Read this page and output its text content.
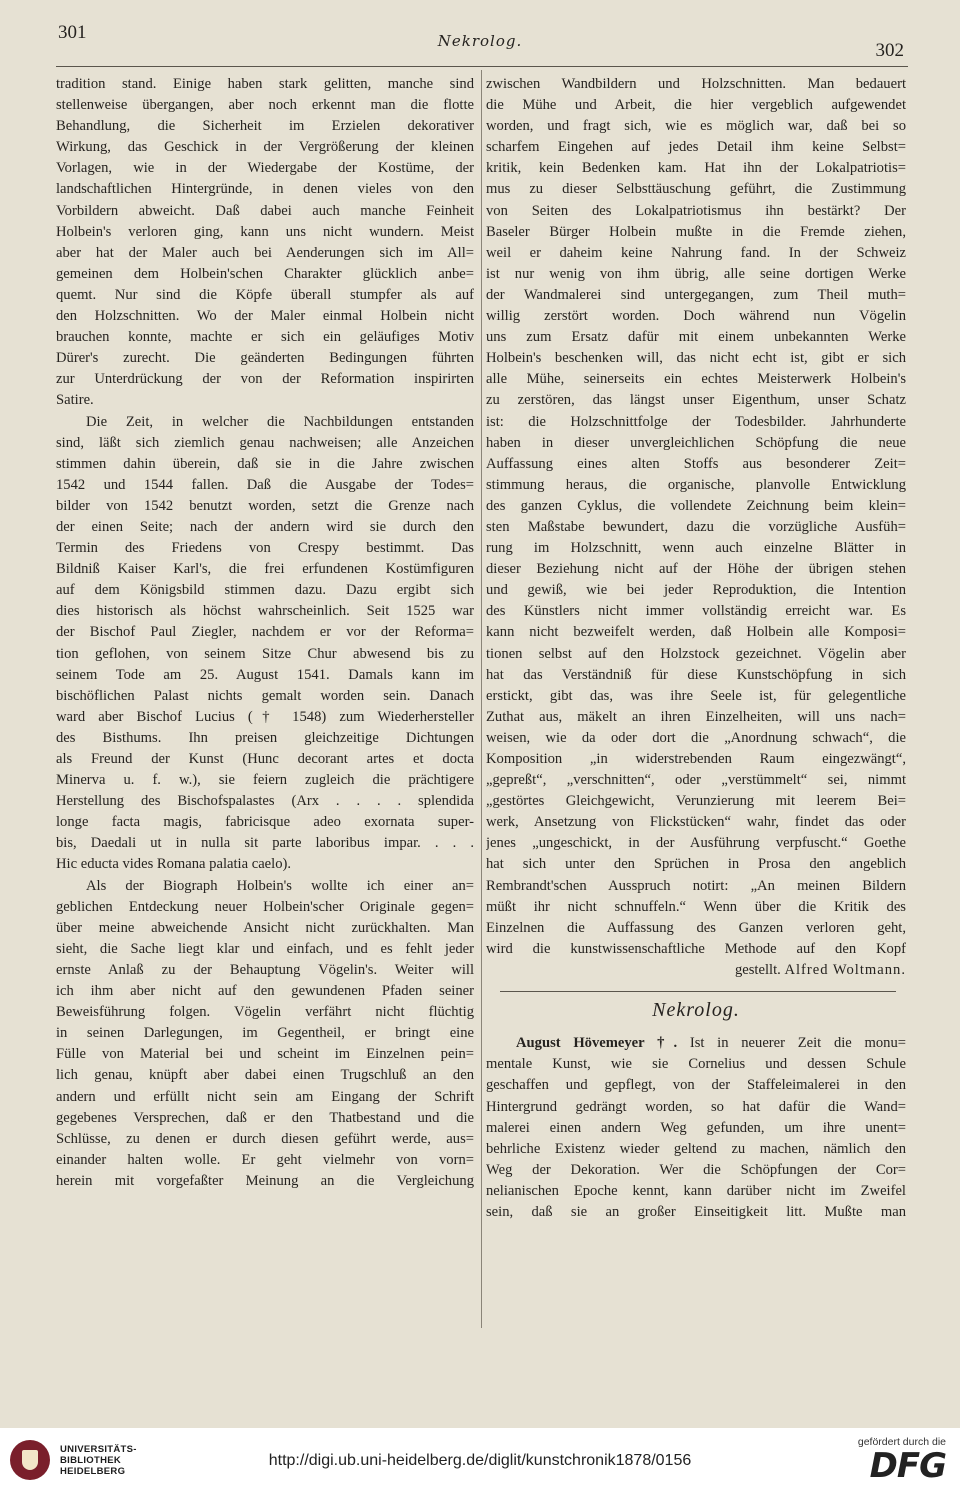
301	Nekrolog.	302
tradition stand. Einige haben stark gelitten, manche sind
stellenweise übergangen, aber noch erkennt man die flotte
Behandlung, die Sicherheit im Erzielen dekorativer
Wirkung, das Geschick in der Vergrößerung der kleinen
Vorlagen, wie in der Wiedergabe der Kostüme, der
landschaftlichen Hintergründe, in denen vieles von den
Vorbildern abweicht. Daß dabei auch manche Feinheit
Holbein's verloren ging, kann uns nicht wundern. Meist
aber hat der Maler auch bei Aenderungen sich im All=
gemeinen dem Holbein'schen Charakter glücklich anbe=
quemt. Nur sind die Köpfe überall stumpfer als auf
den Holzschnitten. Wo der Maler einmal Holbein nicht
brauchen konnte, machte er sich ein geläufiges Motiv
Dürer's zurecht. Die geänderten Bedingungen führten
zur Unterdrückung der von der Reformation inspirirten
Satire.
Die Zeit, in welcher die Nachbildungen entstanden
sind, läßt sich ziemlich genau nachweisen; alle Anzeichen
stimmen dahin überein, daß sie in die Jahre zwischen
1542 und 1544 fallen. Daß die Ausgabe der Todes=
bilder von 1542 benutzt worden, setzt die Grenze nach
der einen Seite; nach der andern wird sie durch den
Termin des Friedens von Crespy bestimmt. Das
Bildniß Kaiser Karl's, die frei erfundenen Kostümfiguren
auf dem Königsbild stimmen dazu. Dazu ergibt sich
dies historisch als höchst wahrscheinlich. Seit 1525 war
der Bischof Paul Ziegler, nachdem er vor der Reforma=
tion geflohen, von seinem Sitze Chur abwesend bis zu
seinem Tode am 25. August 1541. Damals kann im
bischöflichen Palast nichts gemalt worden sein. Danach
ward aber Bischof Lucius († 1548) zum Wiederhersteller
des Bisthums. Ihn preisen gleichzeitige Dichtungen
als Freund der Kunst (Hunc decorant artes et docta
Minerva u. f. w.), sie feiern zugleich die prächtigere
Herstellung des Bischofspalastes (Arx . . . . splendida
longe facta magis, fabricisque adeo exornata super-
bis, Daedali ut in nulla sit parte laboribus impar. . . .
Hic educta vides Romana palatia caelo).
Als der Biograph Holbein's wollte ich einer an=
geblichen Entdeckung neuer Holbein'scher Originale gegen=
über meine abweichende Ansicht nicht zurückhalten. Man
sieht, die Sache liegt klar und einfach, und es fehlt jeder
ernste Anlaß zu der Behauptung Vögelin's. Weiter will
ich ihm aber nicht auf den gewundenen Pfaden seiner
Beweisführung folgen. Vögelin verfährt nicht flüchtig
in seinen Darlegungen, im Gegentheil, er bringt eine
Fülle von Material bei und scheint im Einzelnen pein=
lich genau, knüpft aber dabei einen Trugschluß an den
andern und erfüllt nicht sein am Eingang der Schrift
gegebenes Versprechen, daß er den Thatbestand und die
Schlüsse, zu denen er durch diesen geführt werde, aus=
einander halten wolle. Er geht vielmehr von vorn=
herein mit vorgefaßter Meinung an die Vergleichung
zwischen Wandbildern und Holzschnitten. Man bedauert
die Mühe und Arbeit, die hier vergeblich aufgewendet
worden, und fragt sich, wie es möglich war, daß bei so
scharfem Eingehen auf jedes Detail ihm keine Selbst=
kritik, kein Bedenken kam. Hat ihn der Lokalpatriotis=
mus zu dieser Selbsttäuschung geführt, die Zustimmung
von Seiten des Lokalpatriotismus ihn bestärkt? Der
Baseler Bürger Holbein mußte in die Fremde ziehen,
weil er daheim keine Nahrung fand. In der Schweiz
ist nur wenig von ihm übrig, alle seine dortigen Werke
der Wandmalerei sind untergegangen, zum Theil muth=
willig zerstört worden. Doch während nun Vögelin
uns zum Ersatz dafür mit einem unbekannten Werke
Holbein's beschenken will, das nicht echt ist, gibt er sich
alle Mühe, seinerseits ein echtes Meisterwerk Holbein's
zu zerstören, das längst unser Eigenthum, unser Schatz
ist: die Holzschnittfolge der Todesbilder. Jahrhunderte
haben in dieser unvergleichlichen Schöpfung die neue
Auffassung eines alten Stoffs aus besonderer Zeit=
stimmung heraus, die organische, planvolle Entwicklung
des ganzen Cyklus, die vollendete Zeichnung beim klein=
sten Maßstabe bewundert, dazu die vorzügliche Ausfüh=
rung im Holzschnitt, wenn auch einzelne Blätter in
dieser Beziehung nicht auf der Höhe der übrigen stehen
und gewiß, wie bei jeder Reproduktion, die Intention
des Künstlers nicht immer vollständig erreicht war. Es
kann nicht bezweifelt werden, daß Holbein alle Komposi=
tionen selbst auf den Holzstock gezeichnet. Vögelin aber
hat das Verständniß für diese Kunstschöpfung in sich
erstickt, gibt das, was ihre Seele ist, für gelegentliche
Zuthat aus, mäkelt an ihren Einzelheiten, will uns nach=
weisen, wie da oder dort die „Anordnung schwach“, die
Komposition „in widerstrebenden Raum eingezwängt“,
„gepreßt“, „verschnitten“, oder „verstümmelt“ sei, nimmt
„gestörtes Gleichgewicht, Verunzierung mit leerem Bei=
werk, Ansetzung von Flickstücken“ wahr, findet das oder
jenes „ungeschickt, in der Ausführung verpfuscht.“ Goethe
hat sich unter den Sprüchen in Prosa den angeblich
Rembrandt'schen Ausspruch notirt: „An meinen Bildern
müßt ihr nicht schnuffeln.“ Wenn über die Kritik des
Einzelnen die Auffassung des Ganzen verloren geht,
wird die kunstwissenschaftliche Methode auf den Kopf
gestellt. Alfred Woltmann.
Nekrolog.
August Hövemeyer †. Ist in neuerer Zeit die monu=
mentale Kunst, wie sie Cornelius und dessen Schule
geschaffen und gepflegt, von der Staffeleimalerei in den
Hintergrund gedrängt worden, so hat dafür die Wand=
malerei einen andern Weg gefunden, um ihre unent=
behrliche Existenz wieder geltend zu machen, nämlich den
Weg der Dekoration. Wer die Schöpfungen der Cor=
nelianischen Epoche kennt, kann darüber nicht im Zweifel
sein, daß sie an großer Einseitigkeit litt. Mußte man
UNIVERSITÄTS-
BIBLIOTHEK
HEIDELBERG
http://digi.ub.uni-heidelberg.de/diglit/kunstchronik1878/0156
gefördert durch die
DFG
